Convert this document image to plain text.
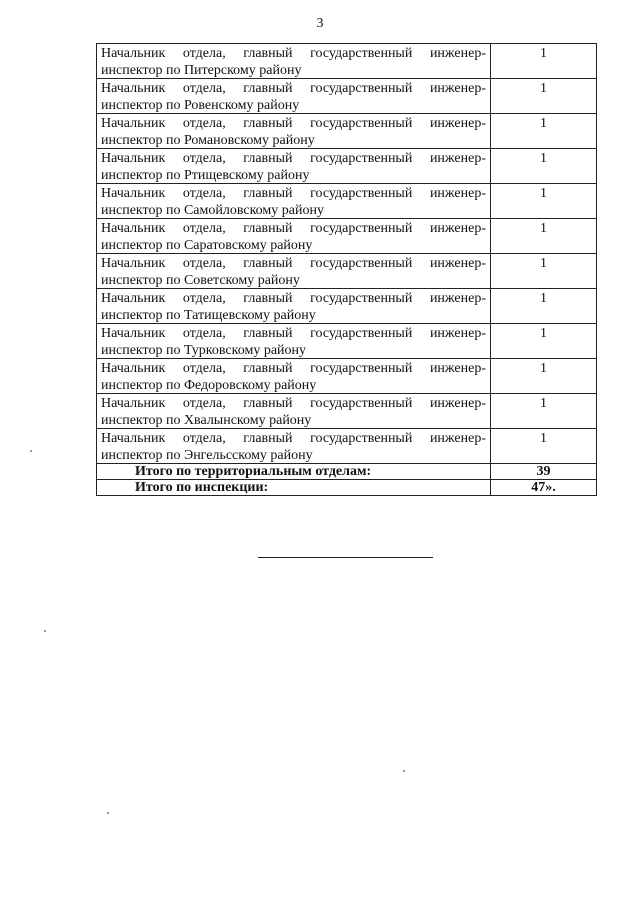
3
Начальник отдела, главный государственный инженер-инспектор по Питерскому району	1

Начальник отдела, главный государственный инженер-инспектор по Ровенскому району	1

Начальник отдела, главный государственный инженер-инспектор по Романовскому району	1

Начальник отдела, главный государственный инженер-инспектор по Ртищевскому району	1

Начальник отдела, главный государственный инженер-инспектор по Самойловскому району	1

Начальник отдела, главный государственный инженер-инспектор по Саратовскому району	1

Начальник отдела, главный государственный инженер-инспектор по Советскому району	1

Начальник отдела, главный государственный инженер-инспектор по Татищевскому району	1

Начальник отдела, главный государственный инженер-инспектор по Турковскому району	1

Начальник отдела, главный государственный инженер-инспектор по Федоровскому району	1

Начальник отдела, главный государственный инженер-инспектор по Хвалынскому району	1

Начальник отдела, главный государственный инженер-инспектор по Энгельсскому району	1

Итого по территориальным отделам:	39
Итого по инспекции:	47».
